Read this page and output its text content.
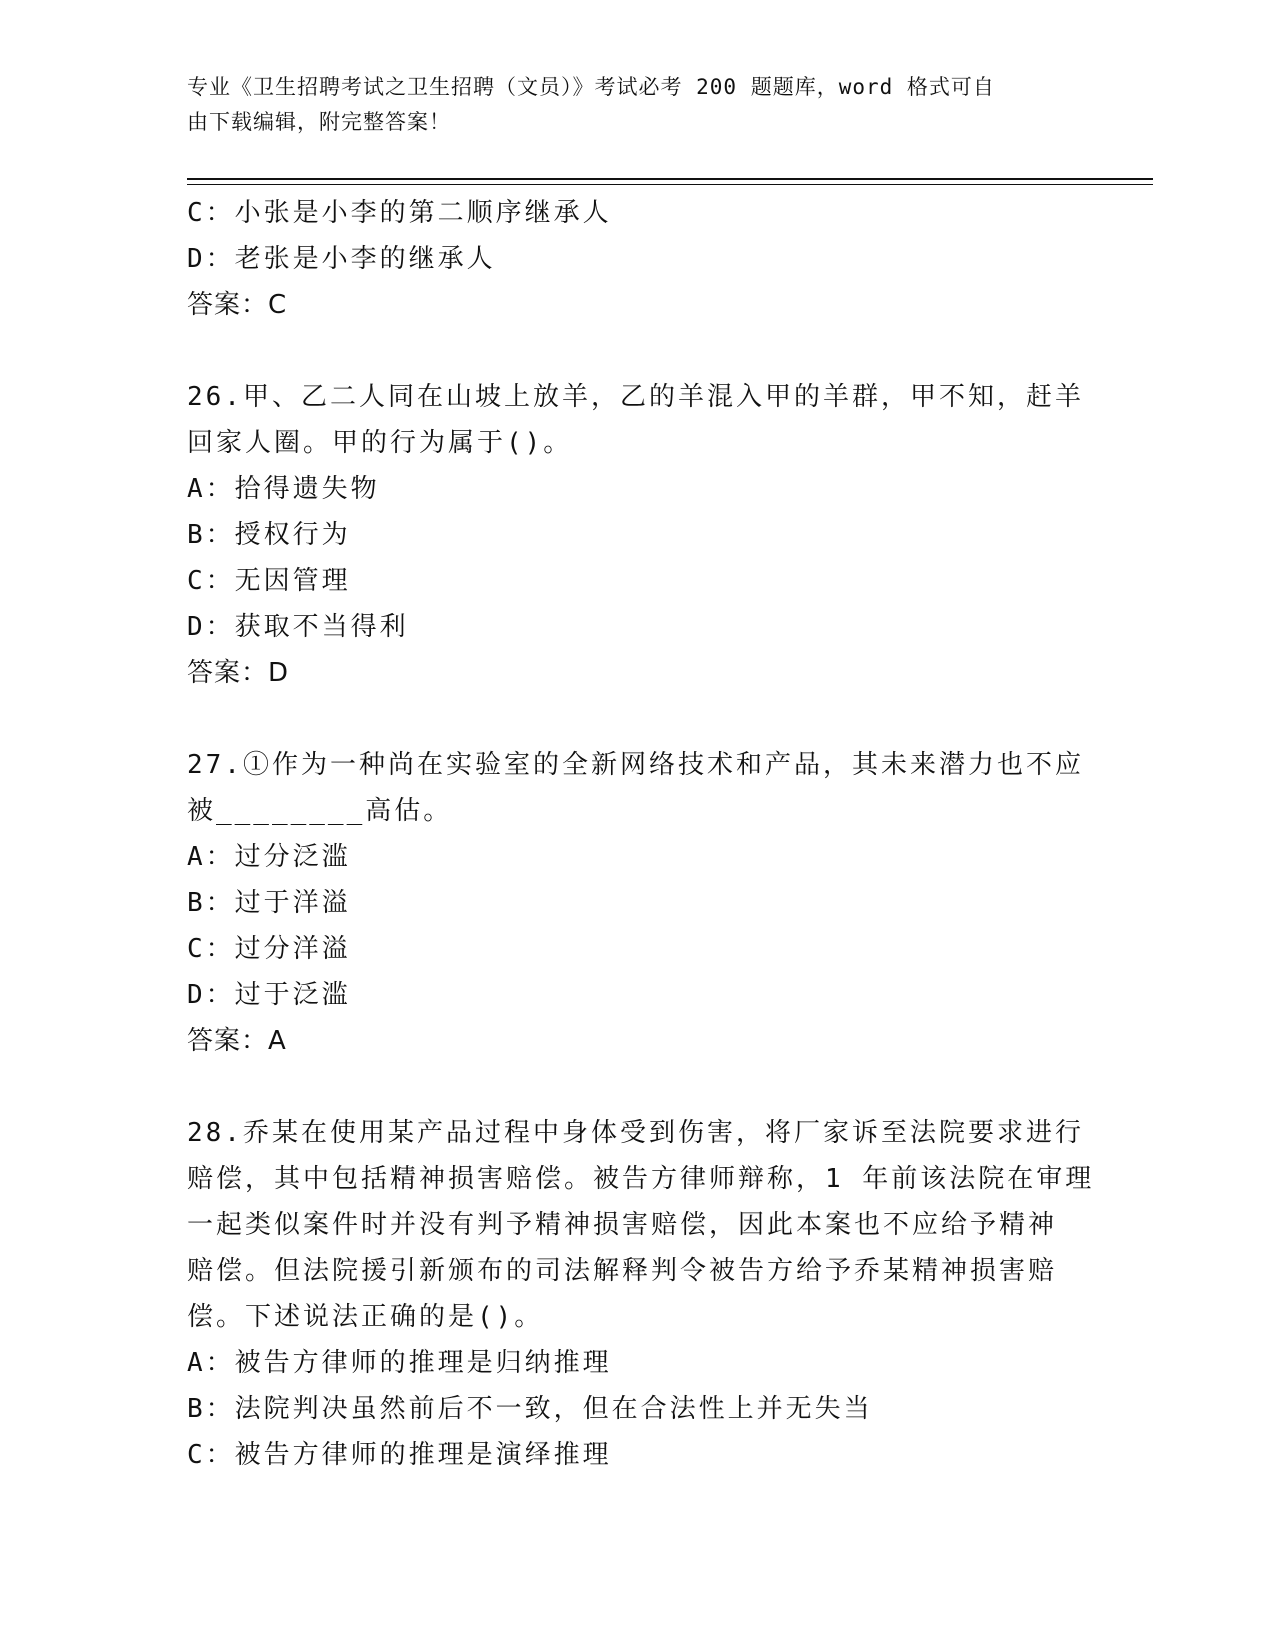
专业《卫生招聘考试之卫生招聘（文员）》考试必考 200 题题库，word 格式可自
由下载编辑，附完整答案！
C：小张是小李的第二顺序继承人
D：老张是小李的继承人
答案：C
26.甲、乙二人同在山坡上放羊，乙的羊混入甲的羊群，甲不知，赶羊
回家人圈。甲的行为属于()。
A：拾得遗失物
B：授权行为
C：无因管理
D：获取不当得利
答案：D
27.①作为一种尚在实验室的全新网络技术和产品，其未来潜力也不应
被________高估。
A：过分泛滥
B：过于洋溢
C：过分洋溢
D：过于泛滥
答案：A
28.乔某在使用某产品过程中身体受到伤害，将厂家诉至法院要求进行
赔偿，其中包括精神损害赔偿。被告方律师辩称，1 年前该法院在审理
一起类似案件时并没有判予精神损害赔偿，因此本案也不应给予精神
赔偿。但法院援引新颁布的司法解释判令被告方给予乔某精神损害赔
偿。下述说法正确的是()。
A：被告方律师的推理是归纳推理
B：法院判决虽然前后不一致，但在合法性上并无失当
C：被告方律师的推理是演绎推理
